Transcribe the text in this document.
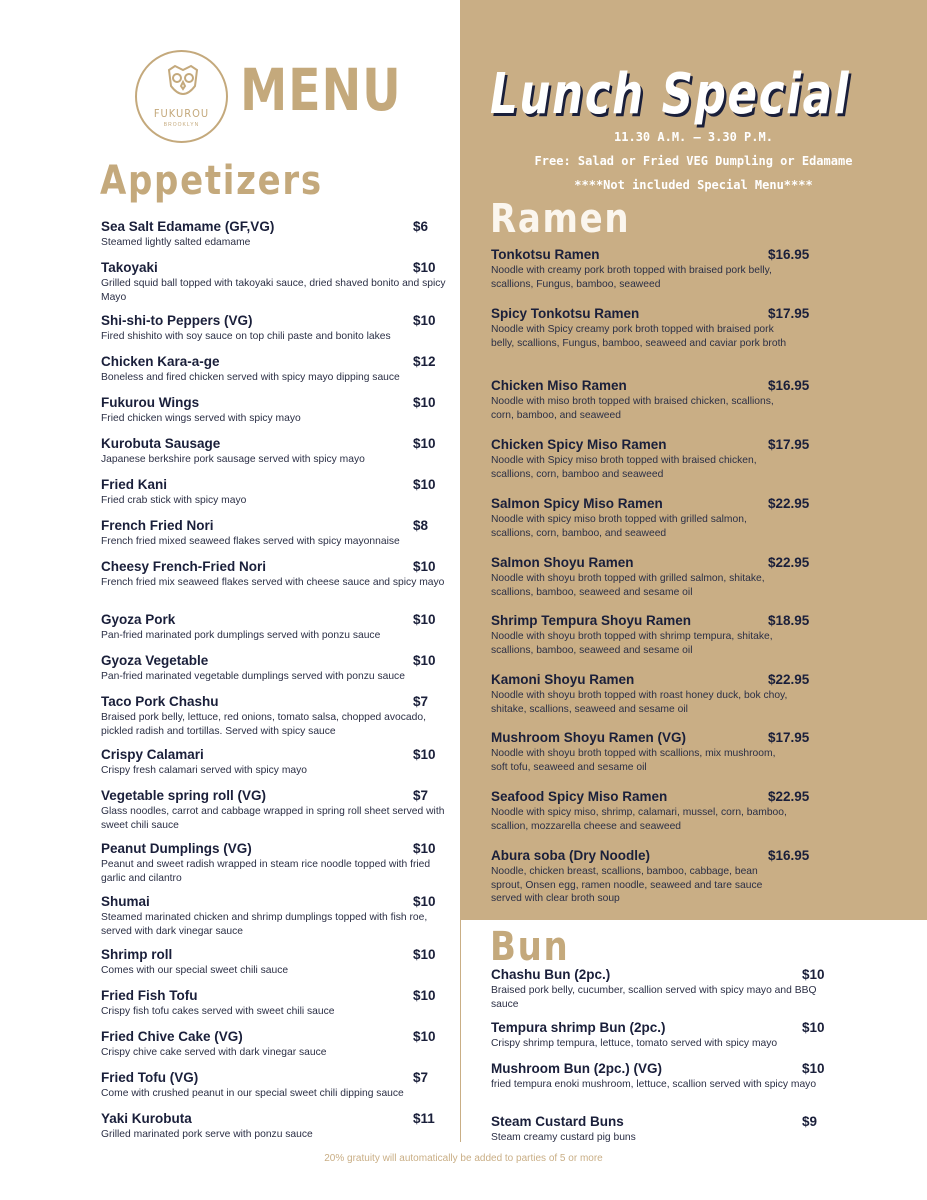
FUKUROU
BROOKLYN
MENU
Appetizers
Sea Salt Edamame (GF,VG)	$6
Steamed lightly salted edamame
Takoyaki	$10
Grilled squid ball topped with takoyaki sauce, dried shaved bonito and spicy Mayo
Shi-shi-to Peppers (VG)	$10
Fired shishito with soy sauce on top chili paste and bonito lakes
Chicken Kara-a-ge	$12
Boneless and fired chicken served with spicy mayo dipping sauce
Fukurou Wings	$10
Fried chicken wings served with spicy mayo
Kurobuta Sausage	$10
Japanese berkshire pork sausage served with spicy mayo
Fried Kani	$10
Fried crab stick with spicy mayo
French Fried Nori	$8
French fried mixed seaweed flakes served with spicy mayonnaise
Cheesy French-Fried Nori	$10
French fried mix seaweed flakes served with cheese sauce and spicy mayo
Gyoza Pork	$10
Pan-fried marinated pork dumplings served with ponzu sauce
Gyoza Vegetable	$10
Pan-fried marinated vegetable dumplings served with ponzu sauce
Taco Pork Chashu	$7
Braised pork belly, lettuce, red onions, tomato salsa, chopped avocado, pickled radish and tortillas. Served with spicy sauce
Crispy Calamari	$10
Crispy fresh calamari served with spicy mayo
Vegetable spring roll (VG)	$7
Glass noodles, carrot and cabbage wrapped in spring roll sheet served with sweet chili sauce
Peanut Dumplings (VG)	$10
Peanut and sweet radish wrapped in steam rice noodle topped with fried garlic and cilantro
Shumai	$10
Steamed marinated chicken and shrimp dumplings topped with fish roe, served with dark vinegar sauce
Shrimp roll	$10
Comes with our special sweet chili sauce
Fried Fish Tofu	$10
Crispy fish tofu cakes served with sweet chili sauce
Fried Chive Cake (VG)	$10
Crispy chive cake served with dark vinegar sauce
Fried Tofu (VG)	$7
Come with crushed peanut in our special sweet chili dipping sauce
Yaki Kurobuta	$11
Grilled marinated pork serve with ponzu sauce
Lunch Special
11.30 A.M. – 3.30 P.M.
Free: Salad or Fried VEG Dumpling or Edamame
****Not included Special Menu****
Ramen
Tonkotsu Ramen	$16.95
Noodle with creamy pork broth topped with braised pork belly, scallions, Fungus, bamboo, seaweed
Spicy Tonkotsu Ramen	$17.95
Noodle with Spicy creamy pork broth topped with braised pork belly, scallions, Fungus, bamboo, seaweed and caviar pork broth
Chicken Miso Ramen	$16.95
Noodle with miso broth topped with braised chicken, scallions, corn, bamboo, and seaweed
Chicken Spicy Miso Ramen	$17.95
Noodle with Spicy miso broth topped with braised chicken, scallions, corn, bamboo and seaweed
Salmon Spicy Miso Ramen	$22.95
Noodle with spicy miso broth topped with grilled salmon, scallions, corn, bamboo, and seaweed
Salmon Shoyu Ramen	$22.95
Noodle with shoyu broth topped with grilled salmon, shitake, scallions, bamboo, seaweed and sesame oil
Shrimp Tempura Shoyu Ramen	$18.95
Noodle with shoyu broth topped with shrimp tempura, shitake, scallions, bamboo, seaweed and sesame oil
Kamoni Shoyu Ramen	$22.95
Noodle with shoyu broth topped with roast honey duck, bok choy, shitake, scallions, seaweed and sesame oil
Mushroom Shoyu Ramen (VG)	$17.95
Noodle with shoyu broth topped with scallions, mix mushroom, soft tofu, seaweed and sesame oil
Seafood Spicy Miso Ramen	$22.95
Noodle with spicy miso, shrimp, calamari, mussel, corn, bamboo, scallion, mozzarella cheese and seaweed
Abura soba (Dry Noodle)	$16.95
Noodle, chicken breast, scallions, bamboo, cabbage, bean sprout, Onsen egg, ramen noodle, seaweed and tare sauce served with clear broth soup
Bun
Chashu Bun (2pc.)	$10
Braised pork belly, cucumber, scallion served with spicy mayo and BBQ sauce
Tempura shrimp Bun (2pc.)	$10
Crispy shrimp tempura, lettuce, tomato served with spicy mayo
Mushroom Bun (2pc.) (VG)	$10
fried tempura enoki mushroom, lettuce, scallion served with spicy mayo
Steam Custard Buns	$9
Steam creamy custard pig buns
20% gratuity will automatically be added to parties of 5 or more
